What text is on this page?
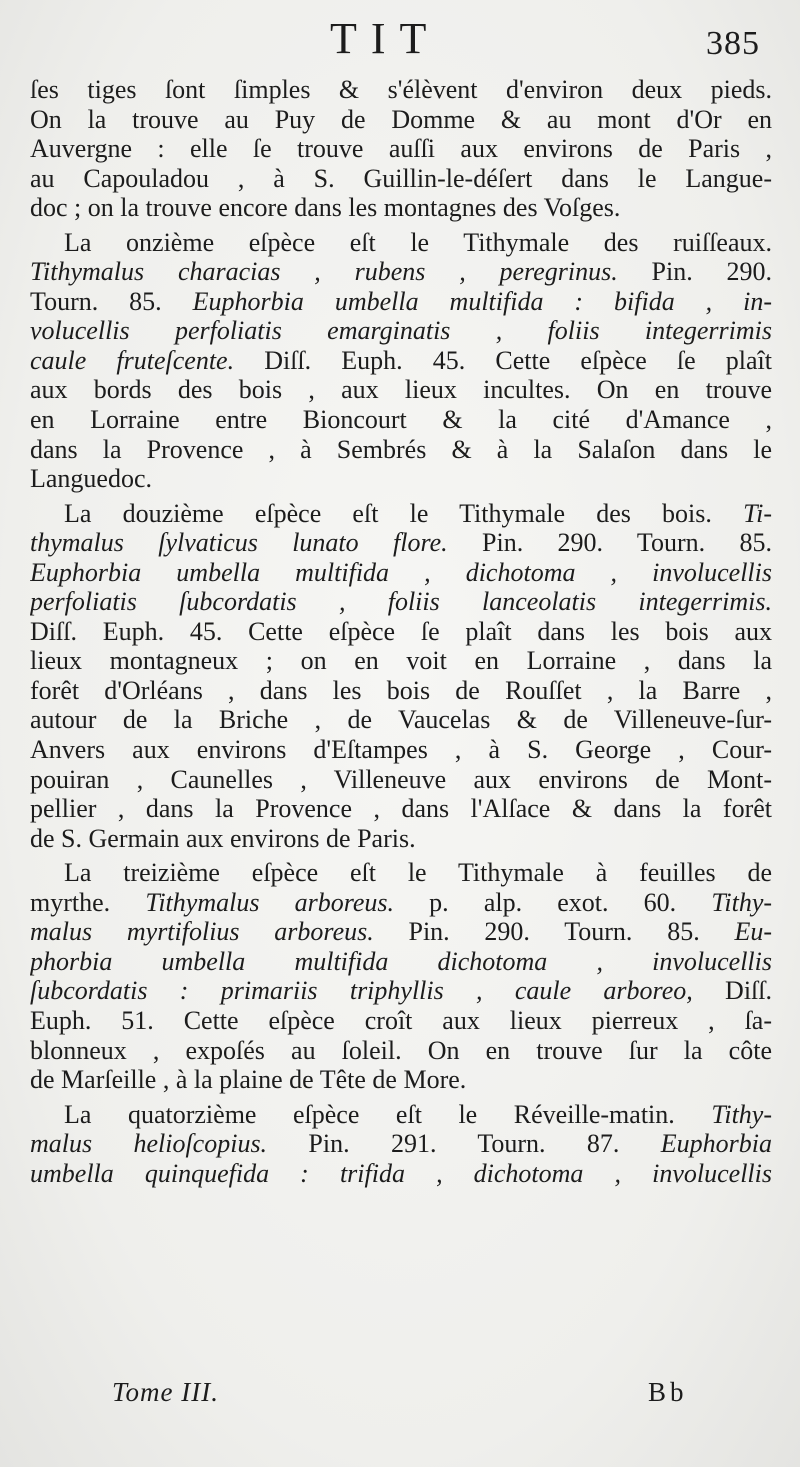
TIT	385
ſes tiges ſont ſimples & s'élèvent d'environ deux pieds.
On la trouve au Puy de Domme & au mont d'Or en
Auvergne : elle ſe trouve auſſi aux environs de Paris ,
au Capouladou , à S. Guillin-le-déſert dans le Langue-
doc ; on la trouve encore dans les montagnes des Voſges.
La onzième eſpèce eſt le Tithymale des ruiſſeaux.
Tithymalus characias , rubens , peregrinus. Pin. 290.
Tourn. 85. Euphorbia umbella multifida : bifida , in-
volucellis perfoliatis emarginatis , foliis integerrimis
caule fruteſcente. Diſſ. Euph. 45. Cette eſpèce ſe plaît
aux bords des bois , aux lieux incultes. On en trouve
en Lorraine entre Bioncourt & la cité d'Amance ,
dans la Provence , à Sembrés & à la Salaſon dans le
Languedoc.
La douzième eſpèce eſt le Tithymale des bois. Ti-
thymalus ſylvaticus lunato flore. Pin. 290. Tourn. 85.
Euphorbia umbella multifida , dichotoma , involucellis
perfoliatis ſubcordatis , foliis lanceolatis integerrimis.
Diſſ. Euph. 45. Cette eſpèce ſe plaît dans les bois aux
lieux montagneux ; on en voit en Lorraine , dans la
forêt d'Orléans , dans les bois de Rouſſet , la Barre ,
autour de la Briche , de Vaucelas & de Villeneuve-ſur-
Anvers aux environs d'Eſtampes , à S. George , Cour-
pouiran , Caunelles , Villeneuve aux environs de Mont-
pellier , dans la Provence , dans l'Alſace & dans la forêt
de S. Germain aux environs de Paris.
La treizième eſpèce eſt le Tithymale à feuilles de
myrthe. Tithymalus arboreus. p. alp. exot. 60. Tithy-
malus myrtifolius arboreus. Pin. 290. Tourn. 85. Eu-
phorbia umbella multifida dichotoma , involucellis
ſubcordatis : primariis triphyllis , caule arboreo, Diſſ.
Euph. 51. Cette eſpèce croît aux lieux pierreux , ſa-
blonneux , expoſés au ſoleil. On en trouve ſur la côte
de Marſeille , à la plaine de Tête de More.
La quatorzième eſpèce eſt le Réveille-matin. Tithy-
malus helioſcopius. Pin. 291. Tourn. 87. Euphorbia
umbella quinquefida : trifida , dichotoma , involucellis
Tome III.	Bb
